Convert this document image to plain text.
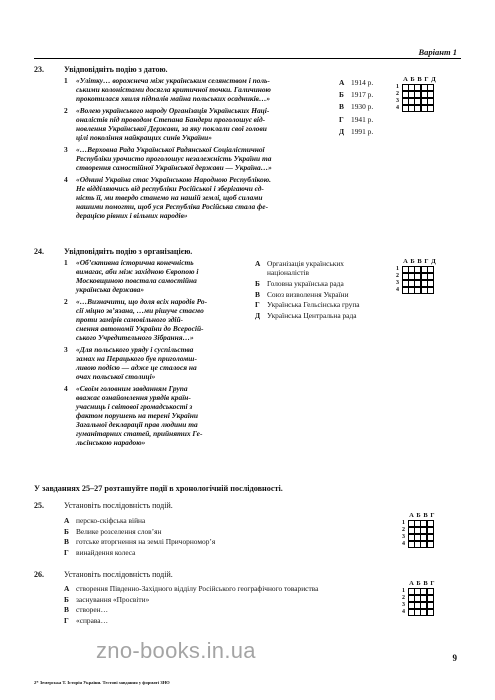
Варіант 1
23.	Увідповідніть подію з датою.
1	«Улітку… ворожнеча між українським селянством і поль-
ськими колоністами досягла критичної точки. Галичиною
прокотилася хвиля підпалів майна польських осадників…»
2	«Волею українського народу Організація Українських Наці-
оналістів під проводом Степана Бандери проголошує від-
новлення Української Держави, за яку поклали свої голови
цілі покоління найкращих синів України»
3	«…Верховна Рада Української Радянської Соціалістичної
Республіки урочисто проголошує незалежність України та
створення самостійної Української держави — Україна…»
4	«Однині Україна стає Українською Народною Республікою.
Не відділяючись від республіки Російської і зберігаючи єд-
ність її, ми твердо станемо на нашій землі, щоб силами
нашими помогти, щоб уся Республіка Російська стала фе-
дерацією рівних і вільних народів»
А 1914 р.
Б 1917 р.
В 1930 р.
Г 1941 р.
Д 1991 р.
А Б В Г Д
1
2
3
4
24.	Увідповідніть подію з організацією.
1	«Об’єктивна історична конечність
вимагає, аби між західною Європою і
Московщиною повстала самостійна
українська держава»
2	«…Визначити, що доля всіх народів Ро-
сії мiцно зв’язана, …ми рішуче стаємо
проти замірів самовільного здій-
снення автономії України до Всеросій-
ського Учредительного Зібрання…»
3	«Для польського уряду і суспільства
замах на Перацького був приголомш-
ливою подією — аджe це сталося на
очах польської столиці»
4	«Своїм головним завданням Група
вважає ознайомлення урядів країн-
учасниць і світової громадськості з
фактом порушень на терені України
Загальної декларації прав людини та
гуманітарних статей, прийнятих Ге-
льсінською нарадою»
А Організація українських
націоналістів
Б Головна українська рада
В Союз визволення України
Г Українська Гельсінська група
Д Українська Центральна рада
А Б В Г Д
1
2
3
4
У завданнях 25–27 розташуйте події в хронологічній послідовності.
25.	Установіть послідовність подій.
А перско-скіфська війна
Б Велике розселення слов’ян
В готське вторгнення на землі Причорномор’я
Г винайдення колеса
А Б В Г
1
2
3
4
26.	Установіть послідовність подій.
А створення Південно-Західного відділу Російського географічного товариства
Б заснування «Просвіти»
В створен…
Г «справа…
А Б В Г
1
2
3
4
zno-books.in.ua	9
2* Земерська Т. Історія України. Тестові завдання у форматі ЗНО
